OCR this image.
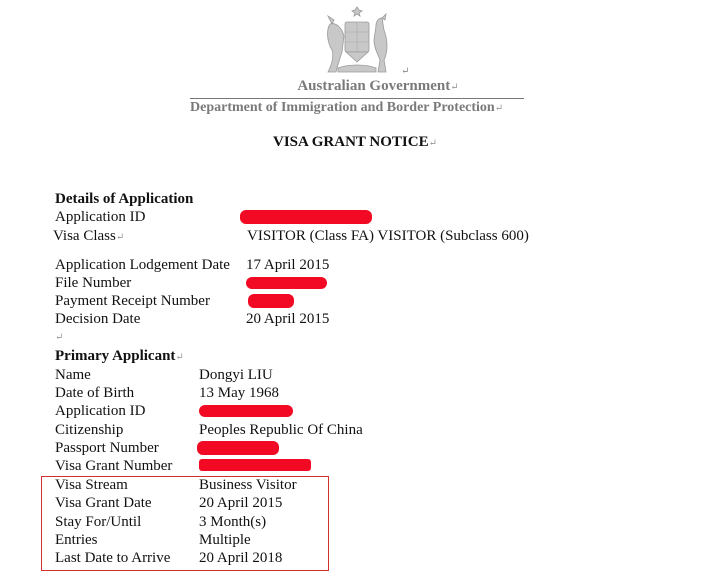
↵
Australian Government↵
Department of Immigration and Border Protection↵
VISA GRANT NOTICE↵
Details of Application
Application ID
Visa Class↵	VISITOR (Class FA) VISITOR (Subclass 600)
Application Lodgement Date 17 April 2015
File Number
Payment Receipt Number
Decision Date	20 April 2015
↵
Primary Applicant↵
Name	Dongyi LIU
Date of Birth	13 May 1968
Application ID
Citizenship	Peoples Republic Of China
Passport Number
Visa Grant Number
Visa Stream	Business Visitor
Visa Grant Date	20 April 2015
Stay For/Until	3 Month(s)
Entries	Multiple
Last Date to Arrive 20 April 2018
